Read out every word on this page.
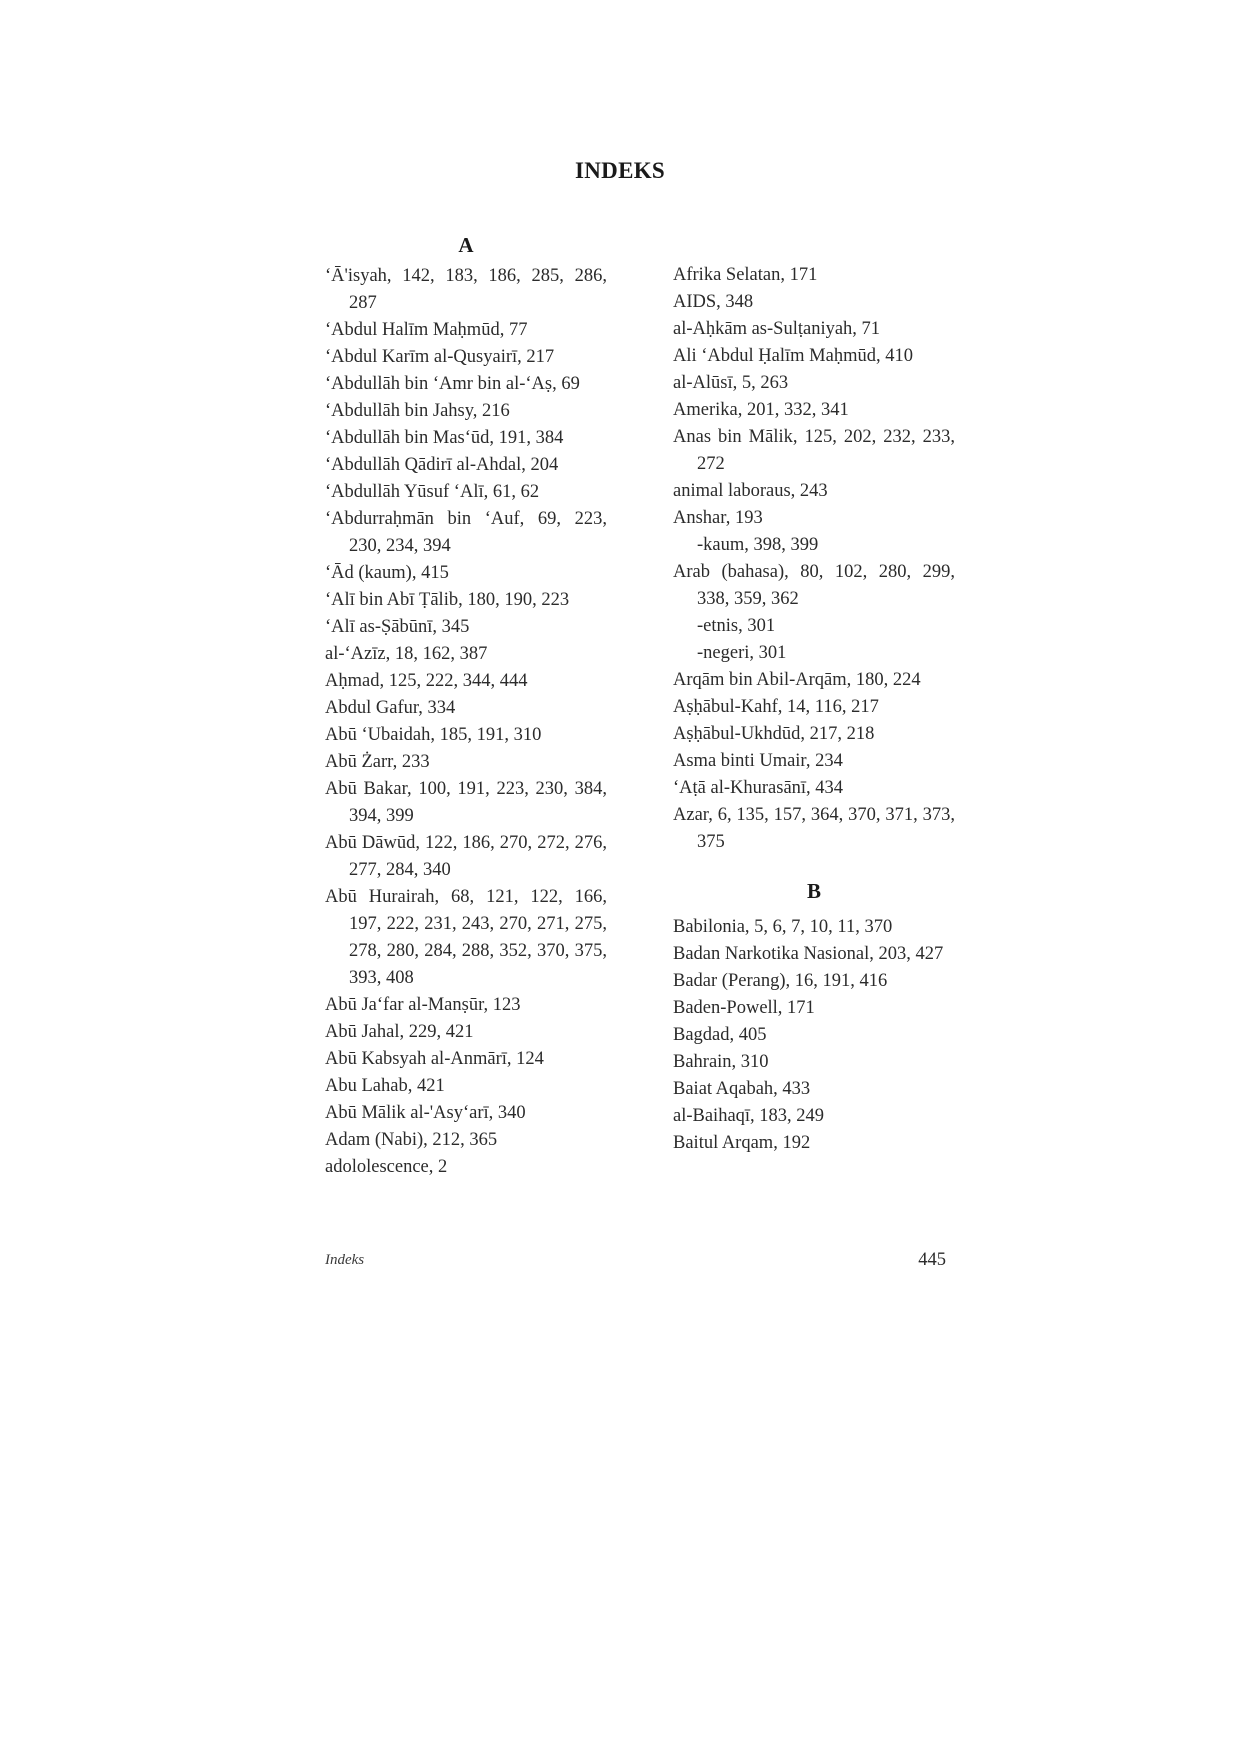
INDEKS
A
‘Ā'isyah, 142, 183, 186, 285, 286, 287
‘Abdul Halīm Maḥmūd, 77
‘Abdul Karīm al-Qusyairī, 217
‘Abdullāh bin ‘Amr bin al-‘Aṣ, 69
‘Abdullāh bin Jahsy, 216
‘Abdullāh bin Mas‘ūd, 191, 384
‘Abdullāh Qādirī al-Ahdal, 204
‘Abdullāh Yūsuf ‘Alī, 61, 62
‘Abdurraḥmān bin ‘Auf, 69, 223, 230, 234, 394
‘Ād (kaum), 415
‘Alī bin Abī Ṭālib, 180, 190, 223
‘Alī as-Ṣābūnī, 345
al-‘Azīz, 18, 162, 387
Aḥmad, 125, 222, 344, 444
Abdul Gafur, 334
Abū ‘Ubaidah, 185, 191, 310
Abū Żarr, 233
Abū Bakar, 100, 191, 223, 230, 384, 394, 399
Abū Dāwūd, 122, 186, 270, 272, 276, 277, 284, 340
Abū Hurairah, 68, 121, 122, 166, 197, 222, 231, 243, 270, 271, 275, 278, 280, 284, 288, 352, 370, 375, 393, 408
Abū Ja‘far al-Manṣūr, 123
Abū Jahal, 229, 421
Abū Kabsyah al-Anmārī, 124
Abu Lahab, 421
Abū Mālik al-'Asy‘arī, 340
Adam (Nabi), 212, 365
adololescence, 2
Afrika Selatan, 171
AIDS, 348
al-Aḥkām as-Sulṭaniyah, 71
Ali ‘Abdul Ḥalīm Maḥmūd, 410
al-Alūsī, 5, 263
Amerika, 201, 332, 341
Anas bin Mālik, 125, 202, 232, 233, 272
animal laboraus, 243
Anshar, 193
-kaum, 398, 399
Arab (bahasa), 80, 102, 280, 299, 338, 359, 362
-etnis, 301
-negeri, 301
Arqām bin Abil-Arqām, 180, 224
Aṣḥābul-Kahf, 14, 116, 217
Aṣḥābul-Ukhdūd, 217, 218
Asma binti Umair, 234
‘Aṭā al-Khurasānī, 434
Azar, 6, 135, 157, 364, 370, 371, 373, 375
B
Babilonia, 5, 6, 7, 10, 11, 370
Badan Narkotika Nasional, 203, 427
Badar (Perang), 16, 191, 416
Baden-Powell, 171
Bagdad, 405
Bahrain, 310
Baiat Aqabah, 433
al-Baihaqī, 183, 249
Baitul Arqam, 192
Indeks	445
